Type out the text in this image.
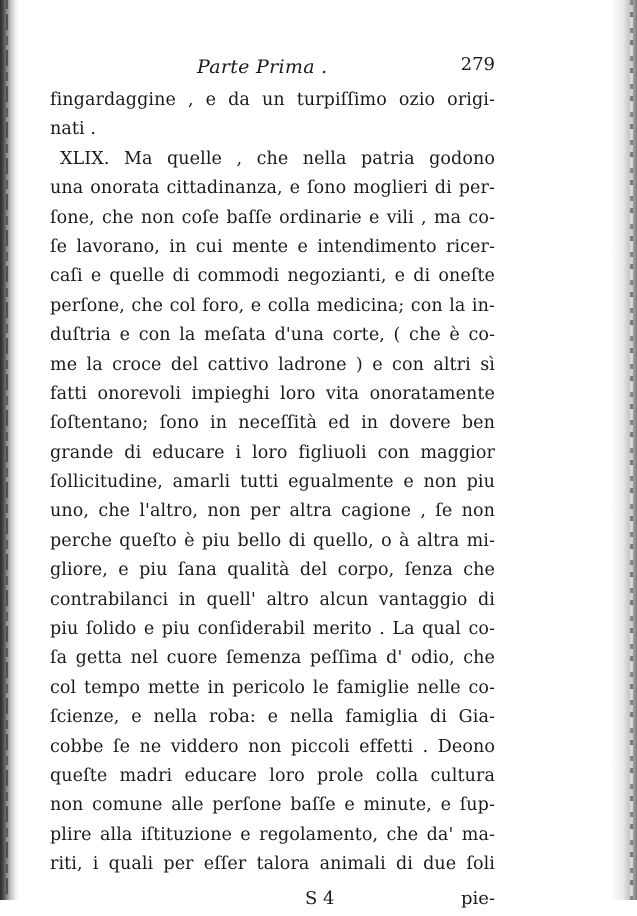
Parte Prima .	279
fingardaggine , e da un turpiſſimo ozio origi-
nati .
XLIX. Ma quelle , che nella patria godono
una onorata cittadinanza, e ſono moglieri di per-
ſone, che non coſe baſſe ordinarie e vili , ma co-
ſe lavorano, in cui mente e intendimento ricer-
caſi e quelle di commodi negozianti, e di oneſte
perſone, che col foro, e colla medicina; con la in-
duſtria e con la meſata d'una corte, ( che è co-
me la croce del cattivo ladrone ) e con altri sì
fatti onorevoli impieghi loro vita onoratamente
ſoſtentano; ſono in neceſſità ed in dovere ben
grande di educare i loro figliuoli con maggior
ſollicitudine, amarli tutti egualmente e non piu
uno, che l'altro, non per altra cagione , ſe non
perche queſto è piu bello di quello, o à altra mi-
gliore, e piu ſana qualità del corpo, ſenza che
contrabilanci in quell' altro alcun vantaggio di
piu ſolido e piu conſiderabil merito . La qual co-
ſa getta nel cuore ſemenza peſſima d' odio, che
col tempo mette in pericolo le famiglie nelle co-
ſcienze, e nella roba: e nella famiglia di Gia-
cobbe ſe ne viddero non piccoli effetti . Deono
queſte madri educare loro prole colla cultura
non comune alle perſone baſſe e minute, e ſup-
plire alla iſtituzione e regolamento, che da' ma-
riti, i quali per eſſer talora animali di due ſoli
S 4	pie-
